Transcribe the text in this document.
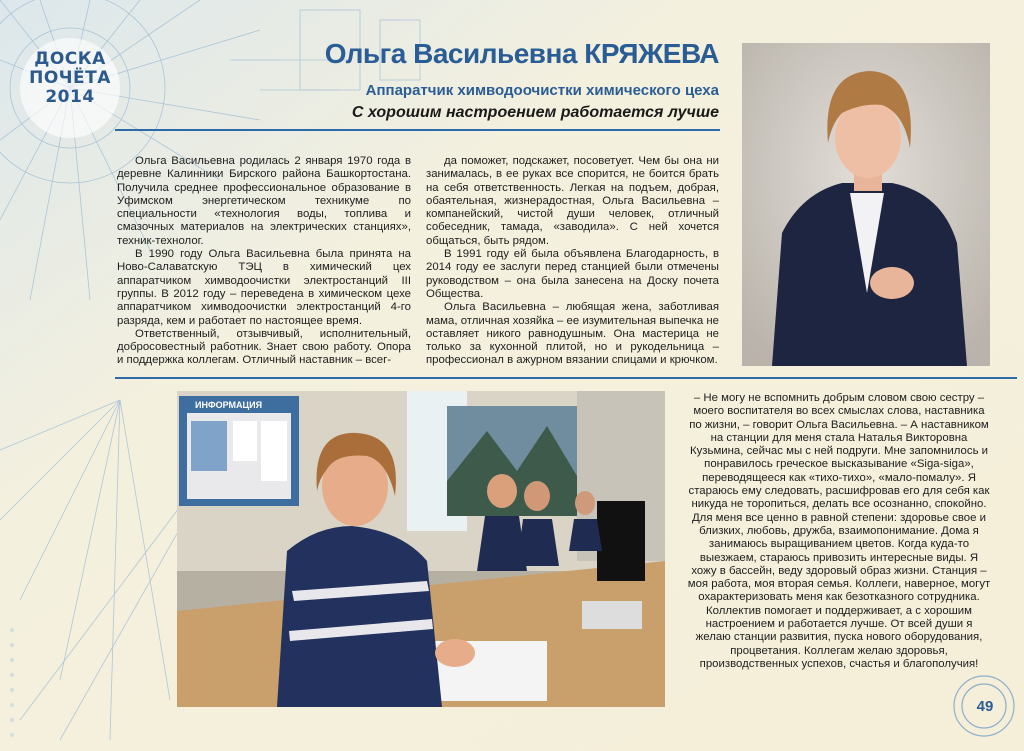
ДОСКА
ПОЧЁТА
2014
Ольга Васильевна КРЯЖЕВА
Аппаратчик химводоочистки химического цеха
С хорошим настроением работается лучше

Ольга Васильевна родилась 2 января 1970 года в деревне Калинники Бирского района Башкортостана. Получила среднее профессиональное образование в Уфимском энергетическом техникуме по специальности «технология воды, топлива и смазочных материалов на электрических станциях», техник-технолог.

В 1990 году Ольга Васильевна была принята на Ново-Салаватскую ТЭЦ в химический цех аппаратчиком химводоочистки электростанций III группы. В 2012 году – переведена в химическом цехе аппаратчиком химводоочистки электростанций 4-го разряда, кем и работает по настоящее время.

Ответственный, отзывчивый, исполнительный, добросовестный работник. Знает свою работу. Опора и поддержка коллегам. Отличный наставник – всег-

да поможет, подскажет, посоветует. Чем бы она ни занималась, в ее руках все спорится, не боится брать на себя ответственность. Легкая на подъем, добрая, обаятельная, жизнерадостная, Ольга Васильевна – компанейский, чистой души человек, отличный собеседник, тамада, «заводила». С ней хочется общаться, быть рядом.

В 1991 году ей была объявлена Благодарность, в 2014 году ее заслуги перед станцией были отмечены руководством – она была занесена на Доску почета Общества.

Ольга Васильевна – любящая жена, заботливая мама, отличная хозяйка – ее изумительная выпечка не оставляет никого равнодушным. Она мастерица не только за кухонной плитой, но и рукодельница – профессионал в ажурном вязании спицами и крючком.

– Не могу не вспомнить добрым словом свою сестру – моего воспитателя во всех смыслах слова, наставника по жизни, – говорит Ольга Васильевна. – А наставником на станции для меня стала Наталья Викторовна Кузьмина, сейчас мы с ней подруги. Мне запомнилось и понравилось греческое высказывание «Siga-siga», переводящееся как «тихо-тихо», «мало-помалу». Я стараюсь ему следовать, расшифровав его для себя как никуда не торопиться, делать все осознанно, спокойно. Для меня все ценно в равной степени: здоровье свое и близких, любовь, дружба, взаимопонимание. Дома я занимаюсь выращиванием цветов. Когда куда-то выезжаем, стараюсь привозить интересные виды. Я хожу в бассейн, веду здоровый образ жизни. Станция – моя работа, моя вторая семья. Коллеги, наверное, могут охарактеризовать меня как безотказного сотрудника. Коллектив помогает и поддерживает, а с хорошим настроением и работается лучше. От всей души я желаю станции развития, пуска нового оборудования, процветания. Коллегам желаю здоровья, производственных успехов, счастья и благополучия!

ИНФОРМАЦИЯ
49
